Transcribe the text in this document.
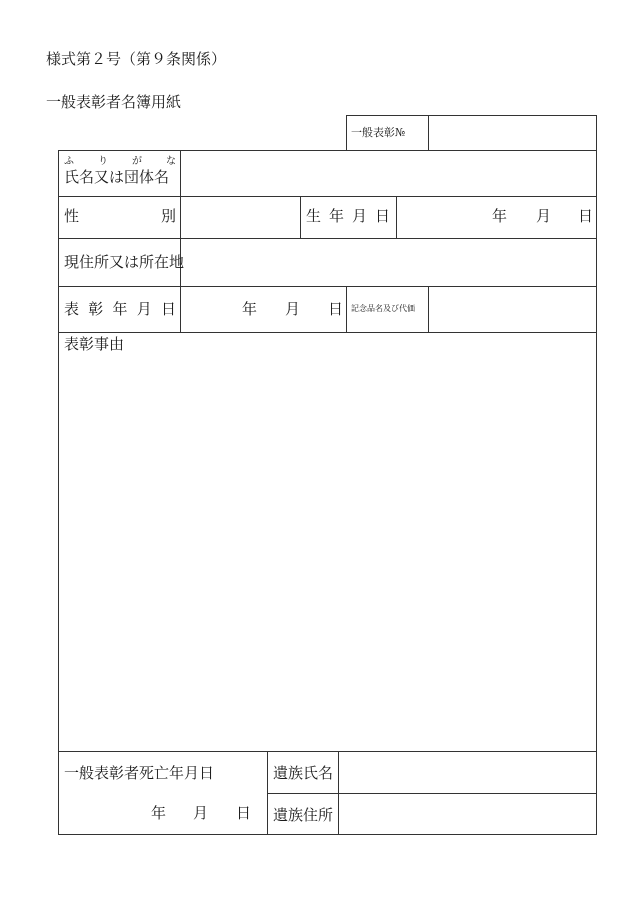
様式第２号（第９条関係）
一般表彰者名簿用紙
一般表彰№
ふ り が な
氏名又は団体名
性	別	生 年 月 日	年 月 日
現住所又は所在地
表 彰 年 月 日	年 月 日 記念品名及び代価
表彰事由
一般表彰者死亡年月日
年 月 日
遺族氏名
遺族住所
